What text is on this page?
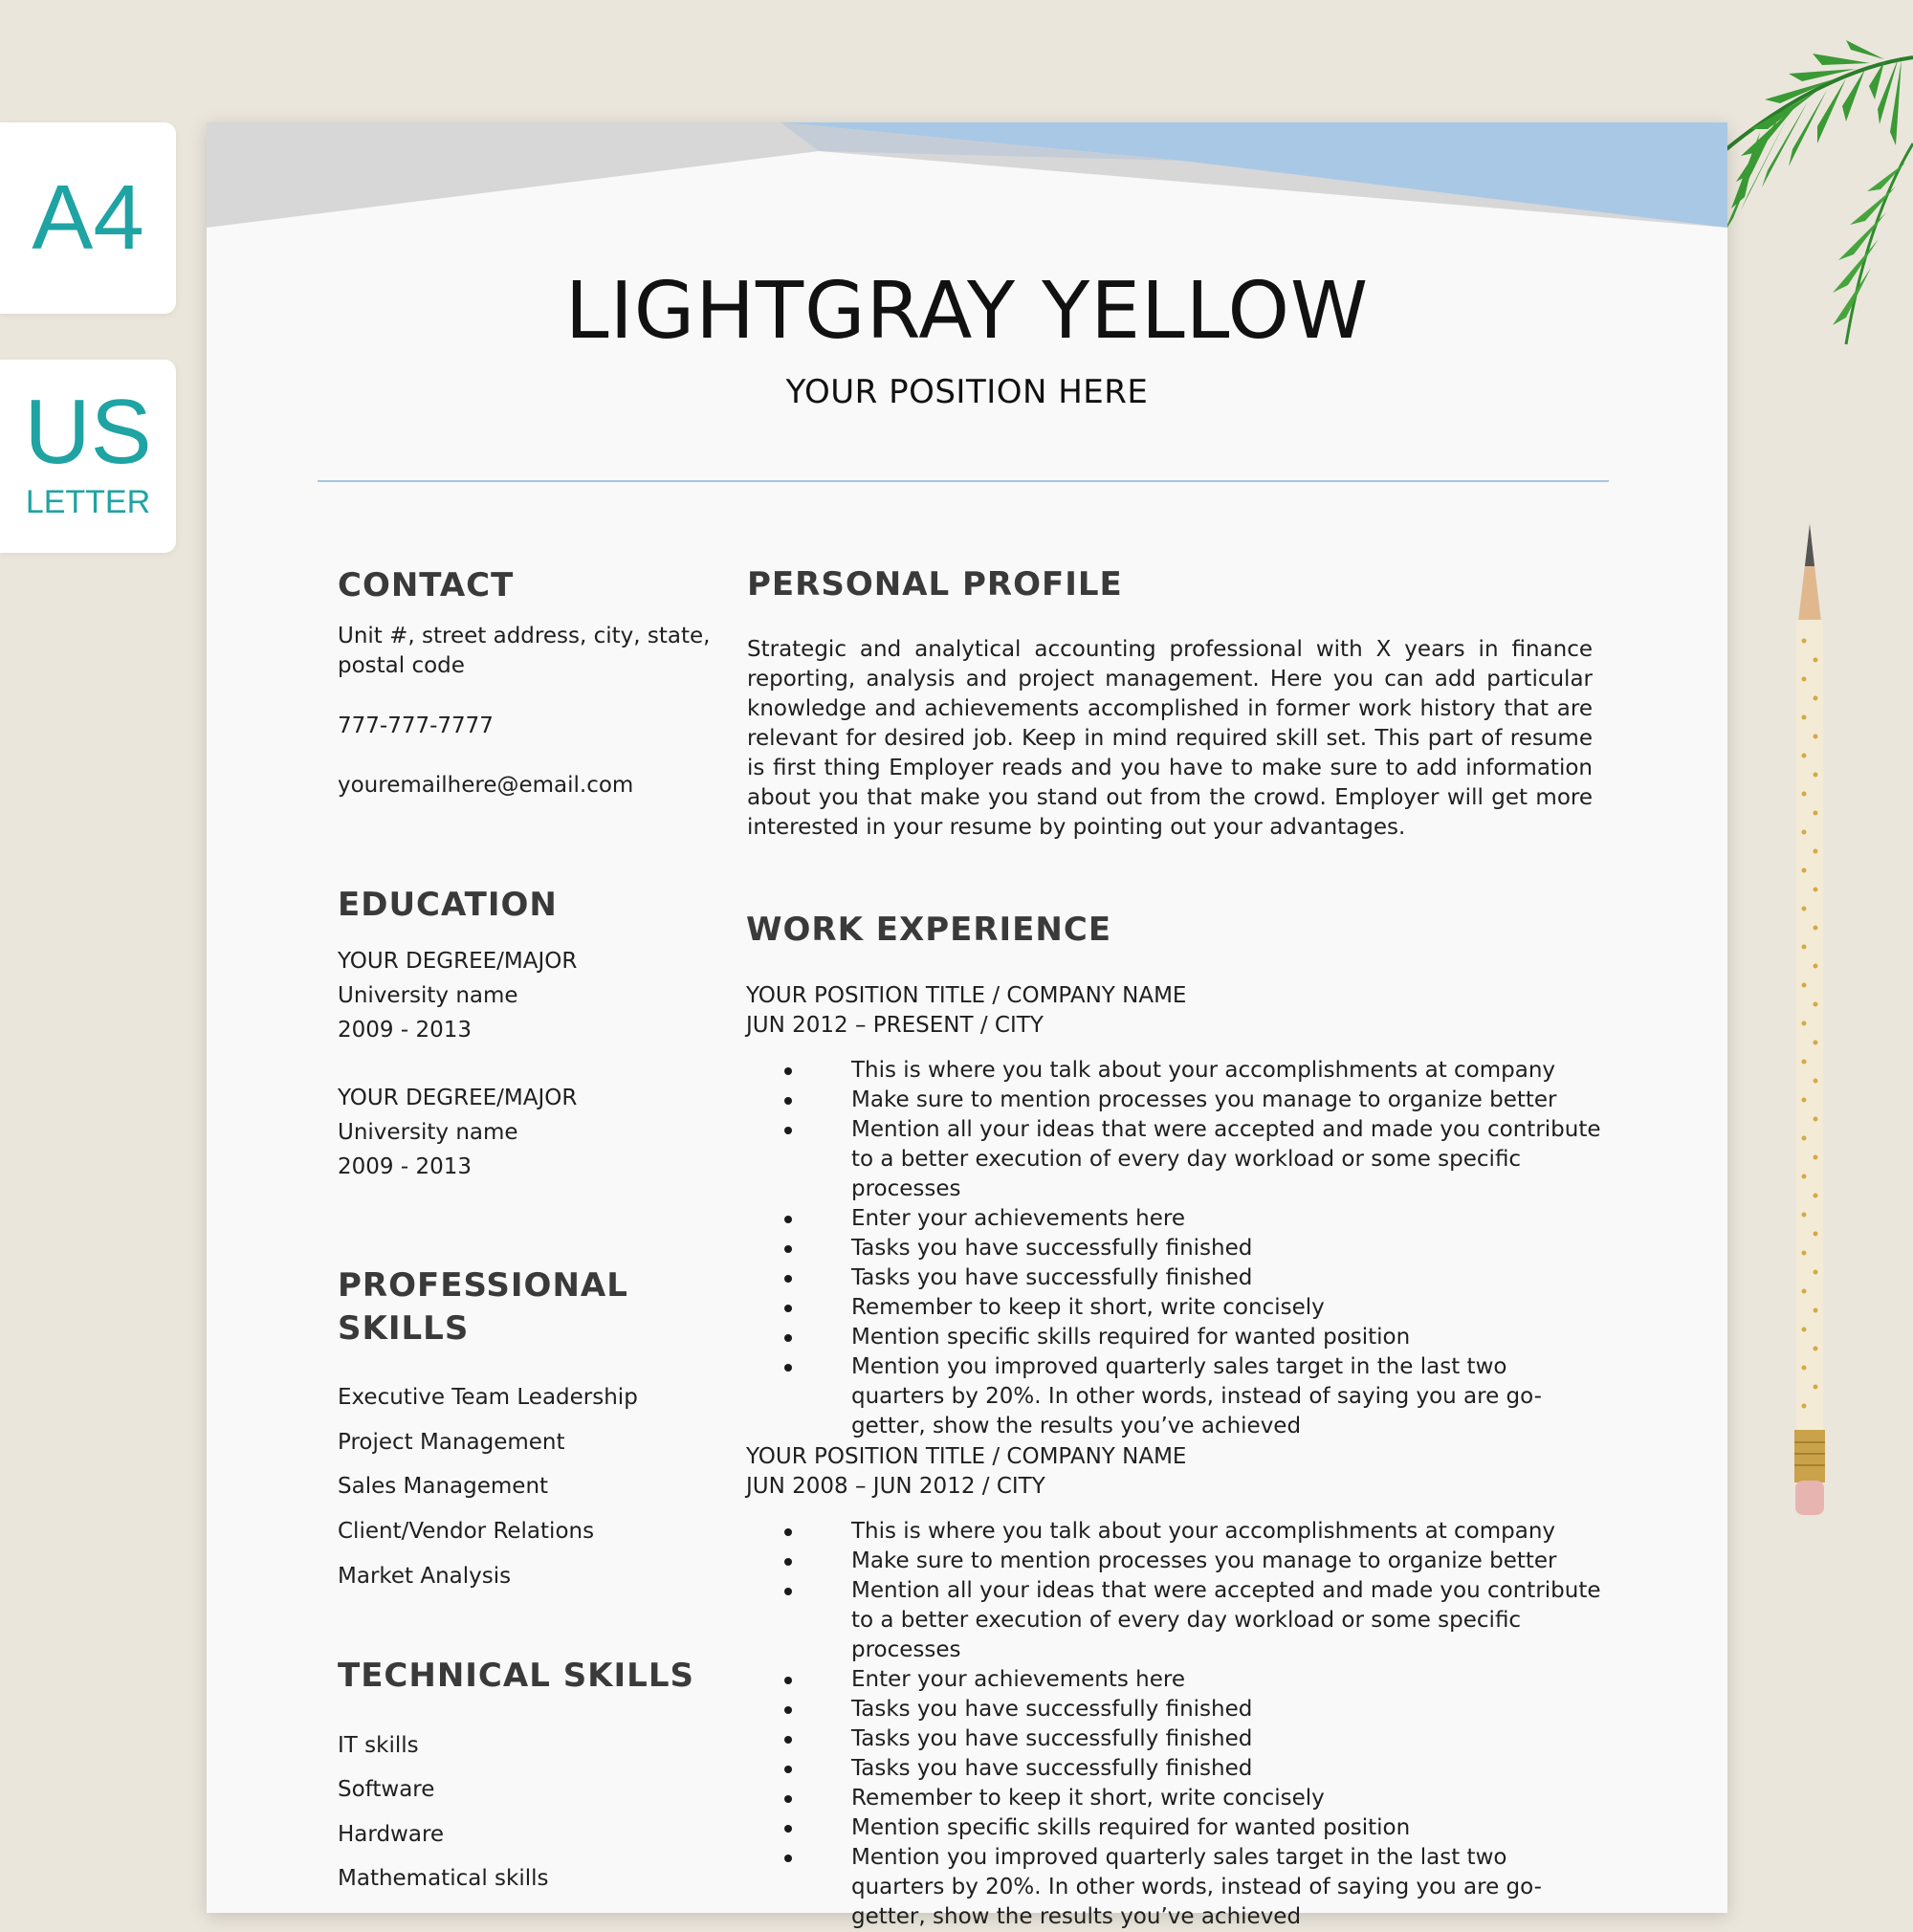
A4
US
LETTER
LIGHTGRAY YELLOW
YOUR POSITION HERE
CONTACT
Unit #, street address, city, state,
postal code
777-777-7777
youremailhere@email.com
EDUCATION
YOUR DEGREE/MAJOR
University name
2009 - 2013
YOUR DEGREE/MAJOR
University name
2009 - 2013
PROFESSIONAL
SKILLS
Executive Team Leadership
Project Management
Sales Management
Client/Vendor Relations
Market Analysis
TECHNICAL SKILLS
IT skills
Software
Hardware
Mathematical skills
PERSONAL PROFILE

Strategic and analytical accounting professional with X years in finance reporting, analysis and project management. Here you can add particular knowledge and achievements accomplished in former work history that are relevant for desired job. Keep in mind required skill set. This part of resume is first thing Employer reads and you have to make sure to add information about you that make you stand out from the crowd. Employer will get more interested in your resume by pointing out your advantages.

WORK EXPERIENCE
YOUR POSITION TITLE / COMPANY NAME
JUN 2012 – PRESENT / CITY
This is where you talk about your accomplishments at company
Make sure to mention processes you manage to organize better
Mention all your ideas that were accepted and made you contribute to a better execution of every day workload or some specific processes
Enter your achievements here
Tasks you have successfully finished
Tasks you have successfully finished
Remember to keep it short, write concisely
Mention specific skills required for wanted position
Mention you improved quarterly sales target in the last two quarters by 20%. In other words, instead of saying you are go-getter, show the results you’ve achieved
YOUR POSITION TITLE / COMPANY NAME
JUN 2008 – JUN 2012 / CITY
This is where you talk about your accomplishments at company
Make sure to mention processes you manage to organize better
Mention all your ideas that were accepted and made you contribute to a better execution of every day workload or some specific processes
Enter your achievements here
Tasks you have successfully finished
Tasks you have successfully finished
Tasks you have successfully finished
Remember to keep it short, write concisely
Mention specific skills required for wanted position
Mention you improved quarterly sales target in the last two quarters by 20%. In other words, instead of saying you are go-getter, show the results you’ve achieved
